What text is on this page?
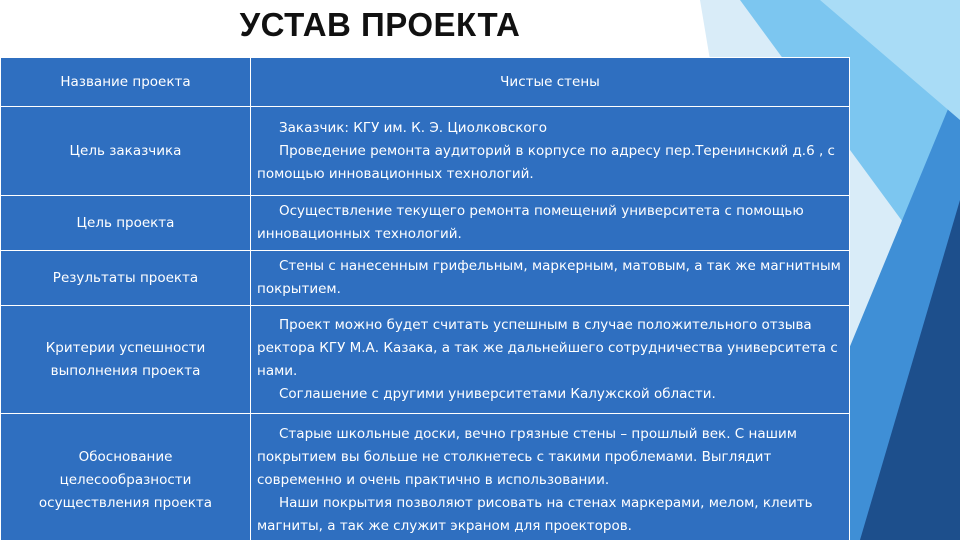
УСТАВ ПРОЕКТА
Название проекта	Чистые стены
Цель заказчика	Заказчик: КГУ им. К. Э. Циолковского
Проведение ремонта аудиторий в корпусе по адресу пер.Теренинский д.6 , с помощью инновационных технологий.

Цель проекта	Осуществление текущего ремонта помещений университета с помощью инновационных технологий.

Результаты проекта	Стены с нанесенным грифельным, маркерным, матовым, а так же магнитным покрытием.

Критерии успешности выполнения проекта	Проект можно будет считать успешным в случае положительного отзыва ректора КГУ М.А. Казака, а так же дальнейшего сотрудничества университета с нами.
Соглашение с другими университетами Калужской области.

Обоснование целесообразности осуществления проекта	Старые школьные доски, вечно грязные стены – прошлый век. С нашим покрытием вы больше не столкнетесь с такими проблемами. Выглядит современно и очень практично в использовании.
Наши покрытия позволяют рисовать на стенах маркерами, мелом, клеить магниты, а так же служит экраном для проекторов.
